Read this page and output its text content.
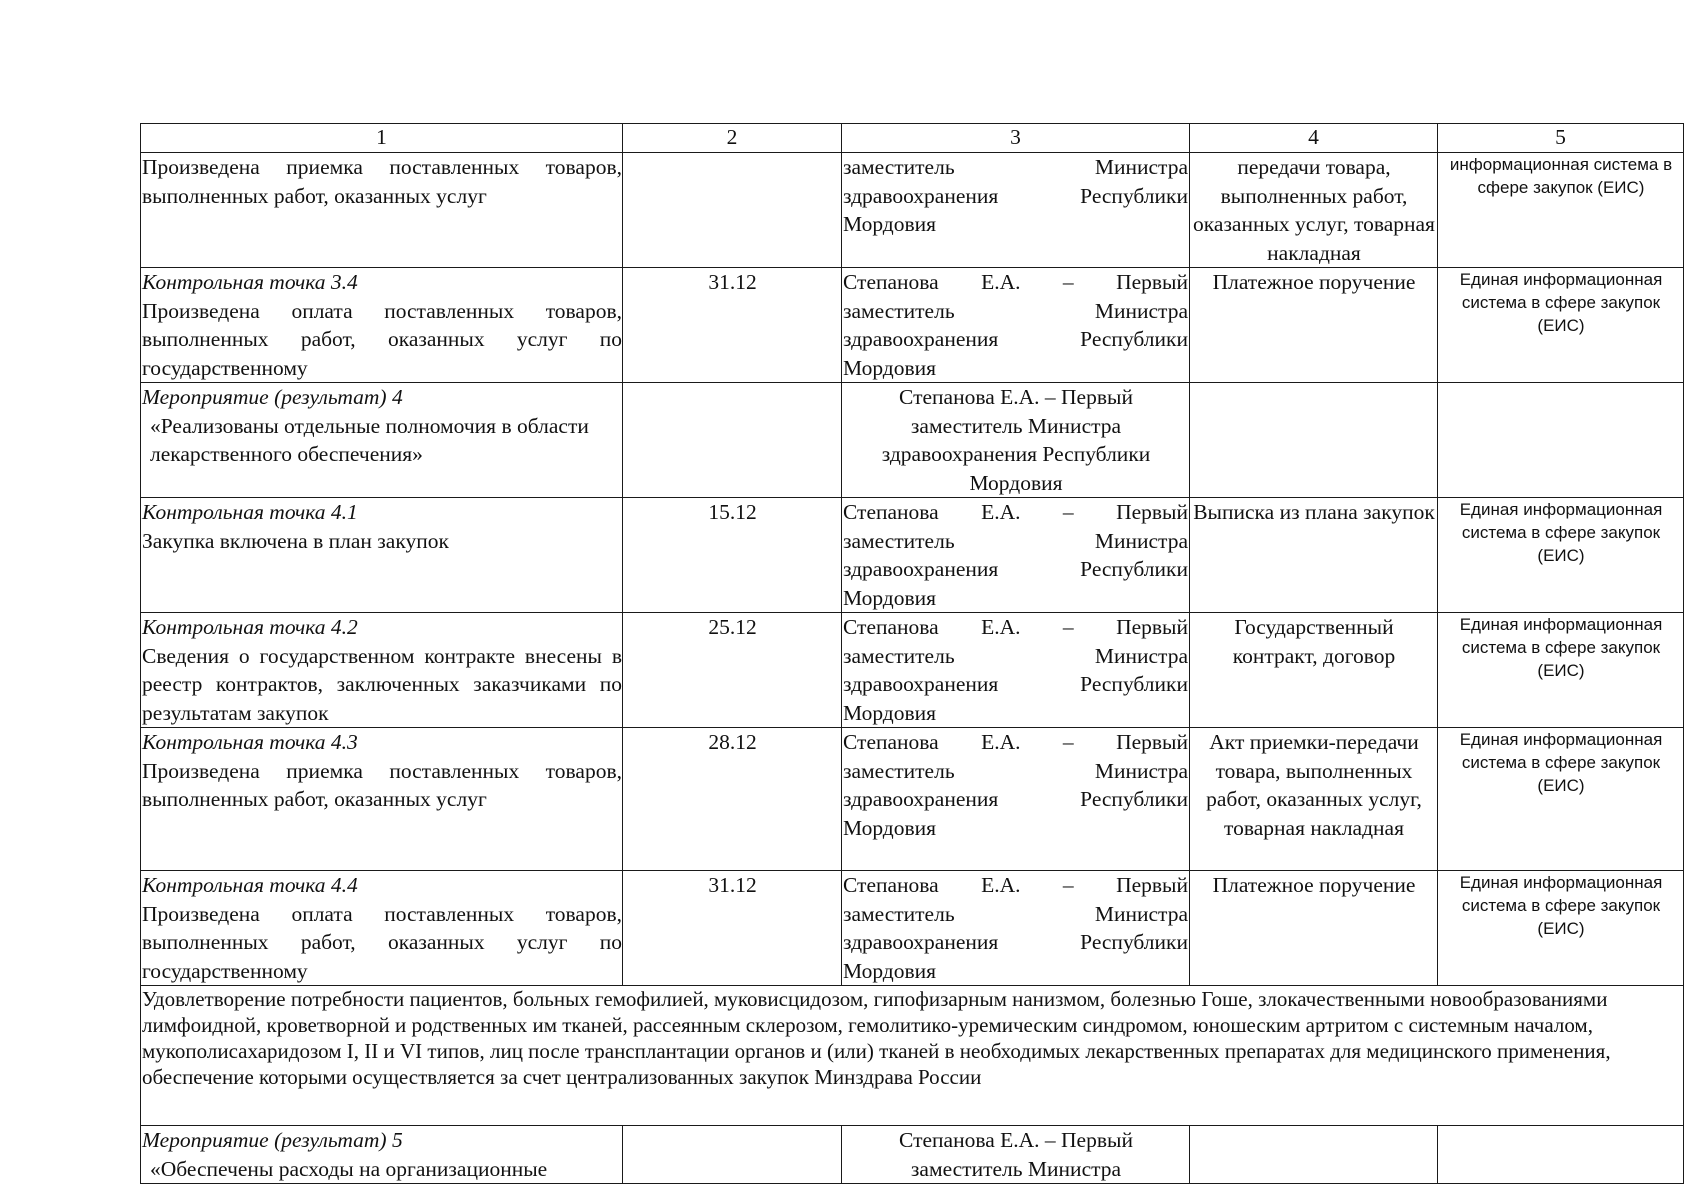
1	2	3	4	5
Произведена приемка поставленных товаров, выполненных работ, оказанных услуг		заместитель Министра здравоохранения Республики Мордовия	передачи товара, выполненных работ, оказанных услуг, товарная накладная	информационная система в сфере закупок (ЕИС)

Контрольная точка 3.4
Произведена оплата поставленных товаров, выполненных работ, оказанных услуг по государственному	31.12	Степанова Е.А. – Первый заместитель Министра здравоохранения Республики Мордовия	Платежное поручение	Единая информационная система в сфере закупок (ЕИС)

Мероприятие (результат) 4
«Реализованы отдельные полномочия в области лекарственного обеспечения»		Степанова Е.А. – Первый заместитель Министра здравоохранения Республики Мордовия		

Контрольная точка 4.1
Закупка включена в план закупок	15.12	Степанова Е.А. – Первый заместитель Министра здравоохранения Республики Мордовия	Выписка из плана закупок	Единая информационная система в сфере закупок (ЕИС)

Контрольная точка 4.2
Сведения о государственном контракте внесены в реестр контрактов, заключенных заказчиками по результатам закупок	25.12	Степанова Е.А. – Первый заместитель Министра здравоохранения Республики Мордовия	Государственный контракт, договор	Единая информационная система в сфере закупок (ЕИС)

Контрольная точка 4.3
Произведена приемка поставленных товаров, выполненных работ, оказанных услуг	28.12	Степанова Е.А. – Первый заместитель Министра здравоохранения Республики Мордовия	Акт приемки-передачи товара, выполненных работ, оказанных услуг, товарная накладная	Единая информационная система в сфере закупок (ЕИС)

Контрольная точка 4.4
Произведена оплата поставленных товаров, выполненных работ, оказанных услуг по государственному	31.12	Степанова Е.А. – Первый заместитель Министра здравоохранения Республики Мордовия	Платежное поручение	Единая информационная система в сфере закупок (ЕИС)
Удовлетворение потребности пациентов, больных гемофилией, муковисцидозом, гипофизарным нанизмом, болезнью Гоше, злокачественными новообразованиями лимфоидной, кроветворной и родственных им тканей, рассеянным склерозом, гемолитико-уремическим синдромом, юношеским артритом с системным началом, мукополисахаридозом I, II и VI типов, лиц после трансплантации органов и (или) тканей в необходимых лекарственных препаратах для медицинского применения, обеспечение которыми осуществляется за счет централизованных закупок Минздрава России				

Мероприятие (результат) 5
«Обеспечены расходы на организационные		Степанова Е.А. – Первый заместитель Министра		
